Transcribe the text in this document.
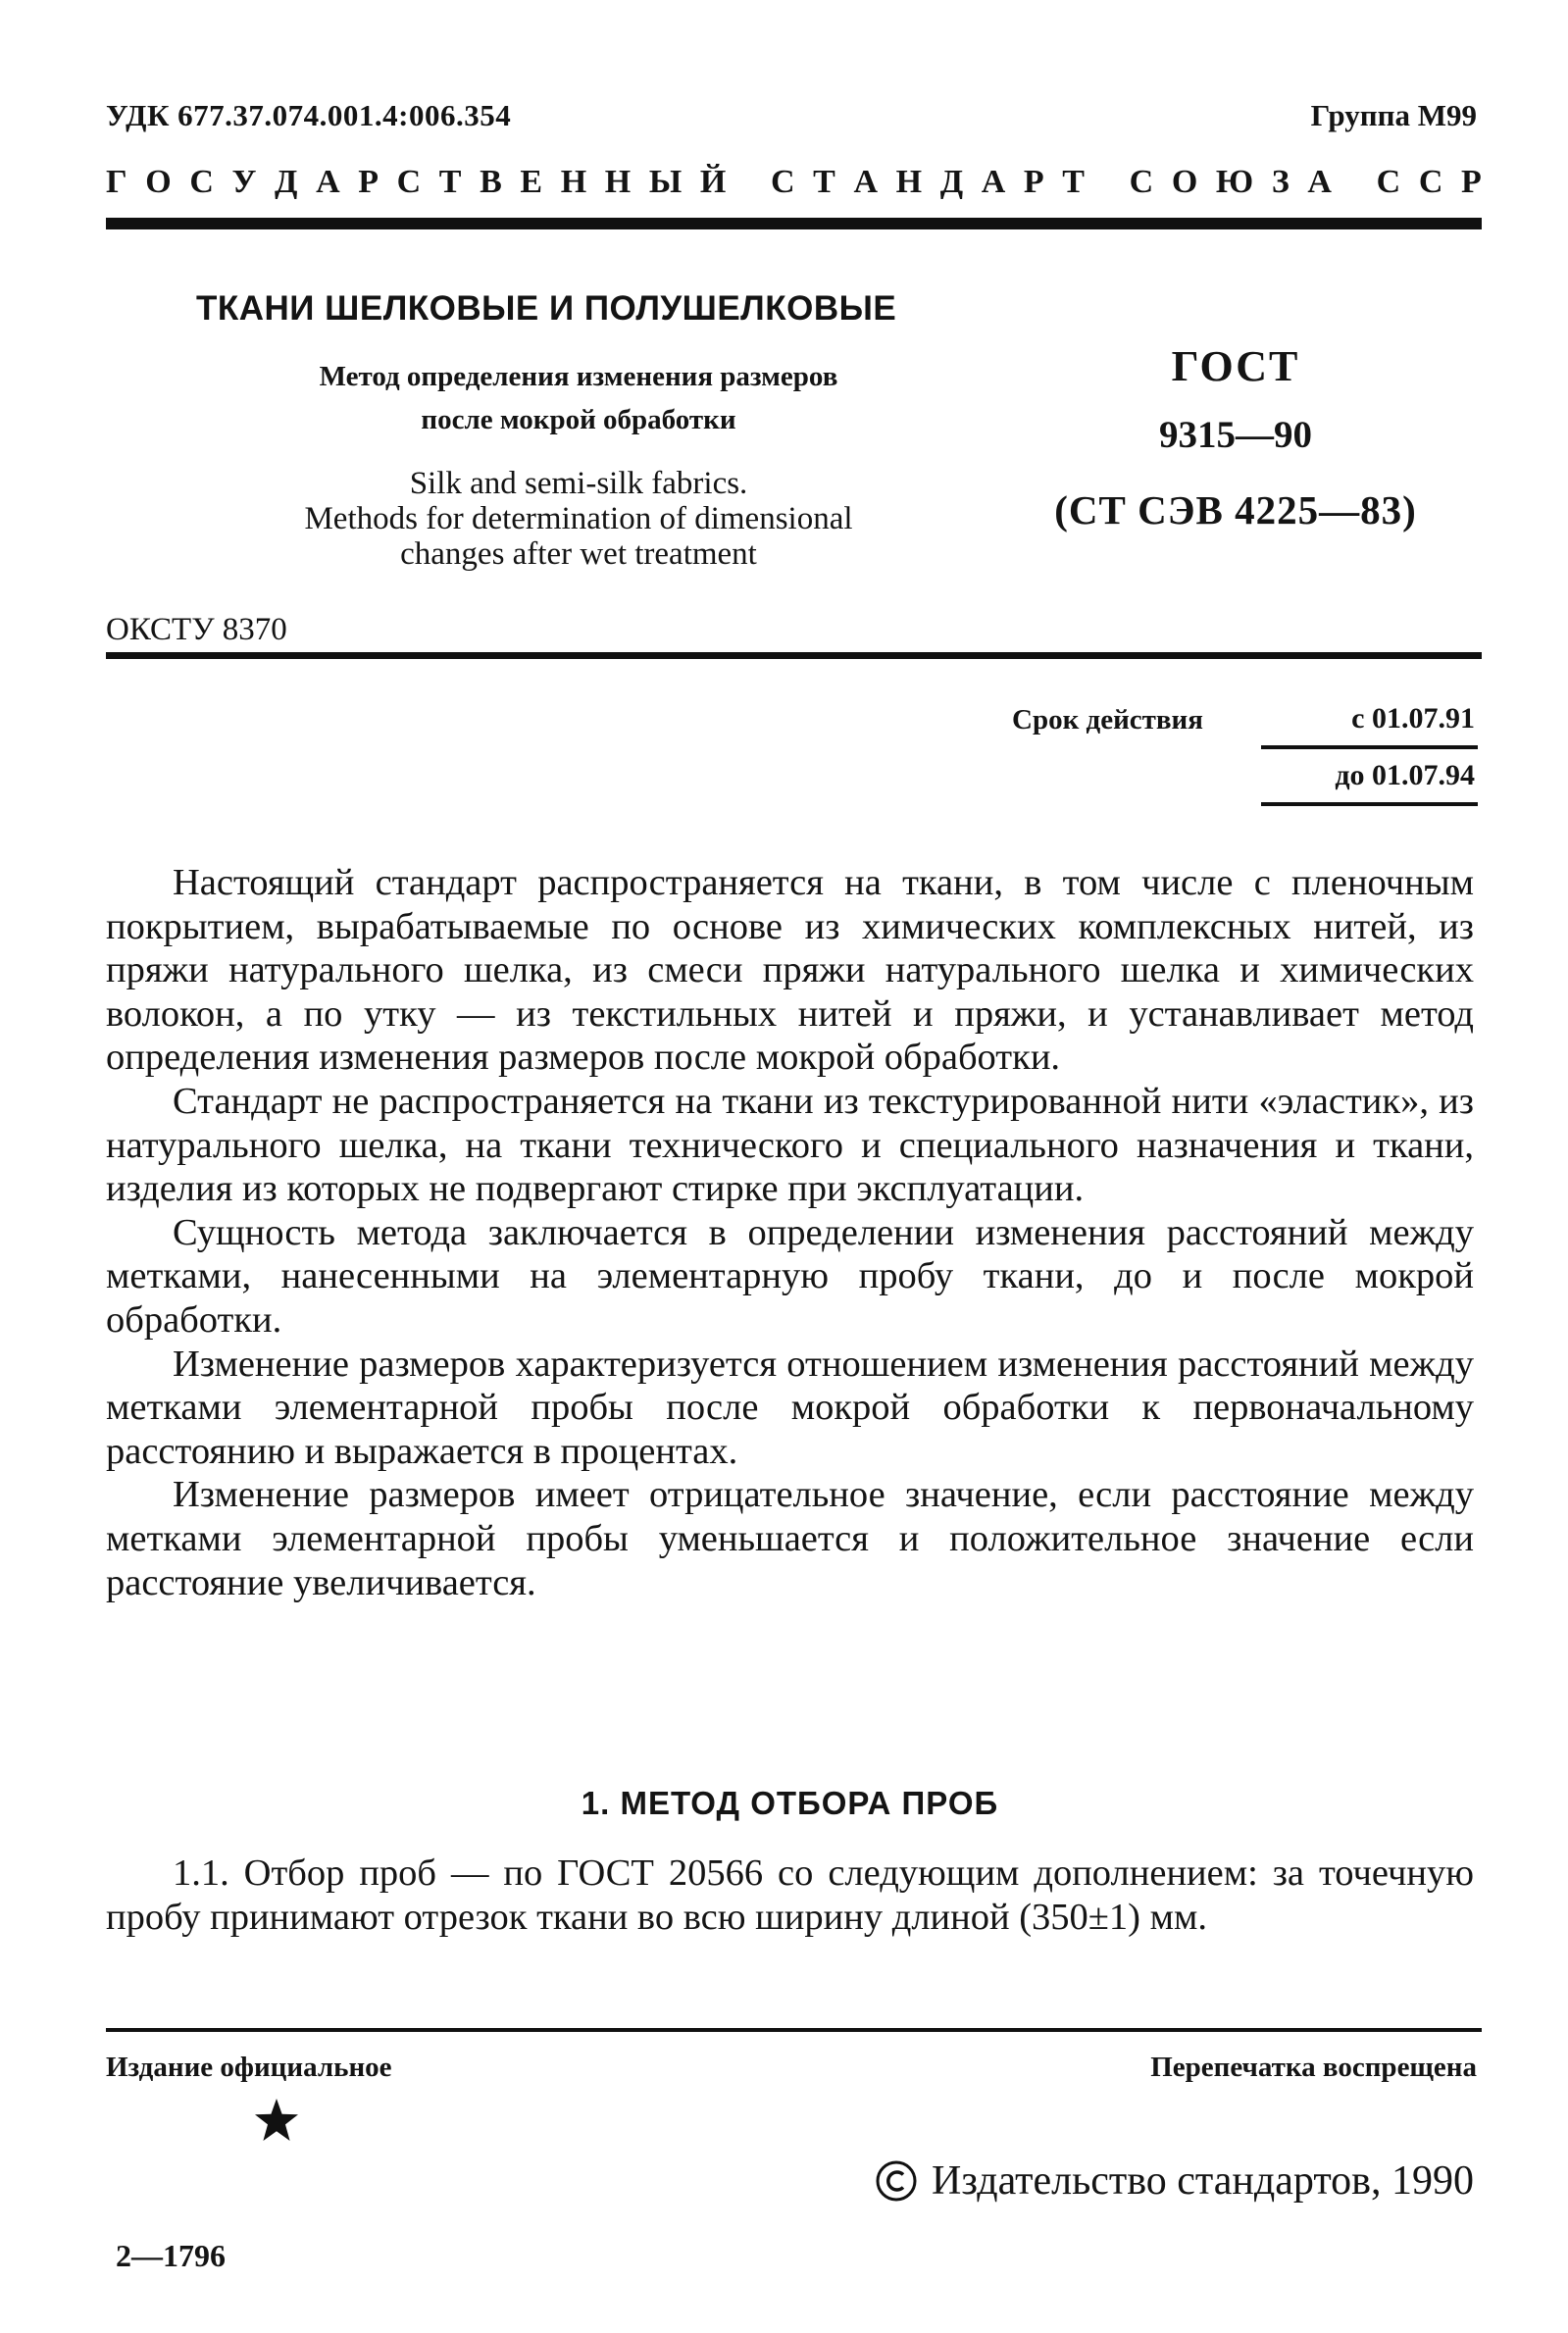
УДК 677.37.074.001.4:006.354	Группа М99
Г О С У Д А Р С Т В Е Н Н Ы Й
С Т А Н Д А Р Т
С О Ю З А
С С Р
ТКАНИ ШЕЛКОВЫЕ И ПОЛУШЕЛКОВЫЕ
Метод определения изменения размеров
после мокрой обработки
Silk and semi-silk fabrics.
Methods for determination of dimensional
changes after wet treatment
ГОСТ
9315—90
(СТ СЭВ 4225—83)
ОКСТУ 8370
Срок действия	с 01.07.91
до 01.07.94

Настоящий стандарт распространяется на ткани, в том числе с пленочным покрытием, вырабатываемые по основе из химических комплексных нитей, из пряжи натурального шелка, из смеси пряжи натурального шелка и химических волокон, а по утку — из текстильных нитей и пряжи, и устанавливает метод определения изменения размеров после мокрой обработки.

Стандарт не распространяется на ткани из текстурированной нити «эластик», из натурального шелка, на ткани технического и специального назначения и ткани, изделия из которых не подвергают стирке при эксплуатации.

Сущность метода заключается в определении изменения расстояний между метками, нанесенными на элементарную пробу ткани, до и после мокрой обработки.

Изменение размеров характеризуется отношением изменения расстояний между метками элементарной пробы после мокрой обработки к первоначальному расстоянию и выражается в процентах.

Изменение размеров имеет отрицательное значение, если расстояние между метками элементарной пробы уменьшается и положительное значение если расстояние увеличивается.

1. МЕТОД ОТБОРА ПРОБ

1.1. Отбор проб — по ГОСТ 20566 со следующим дополнением: за точечную пробу принимают отрезок ткани во всю ширину длиной (350±1) мм.

Издание официальное	Перепечатка воспрещена
Издательство стандартов, 1990
2—1796
